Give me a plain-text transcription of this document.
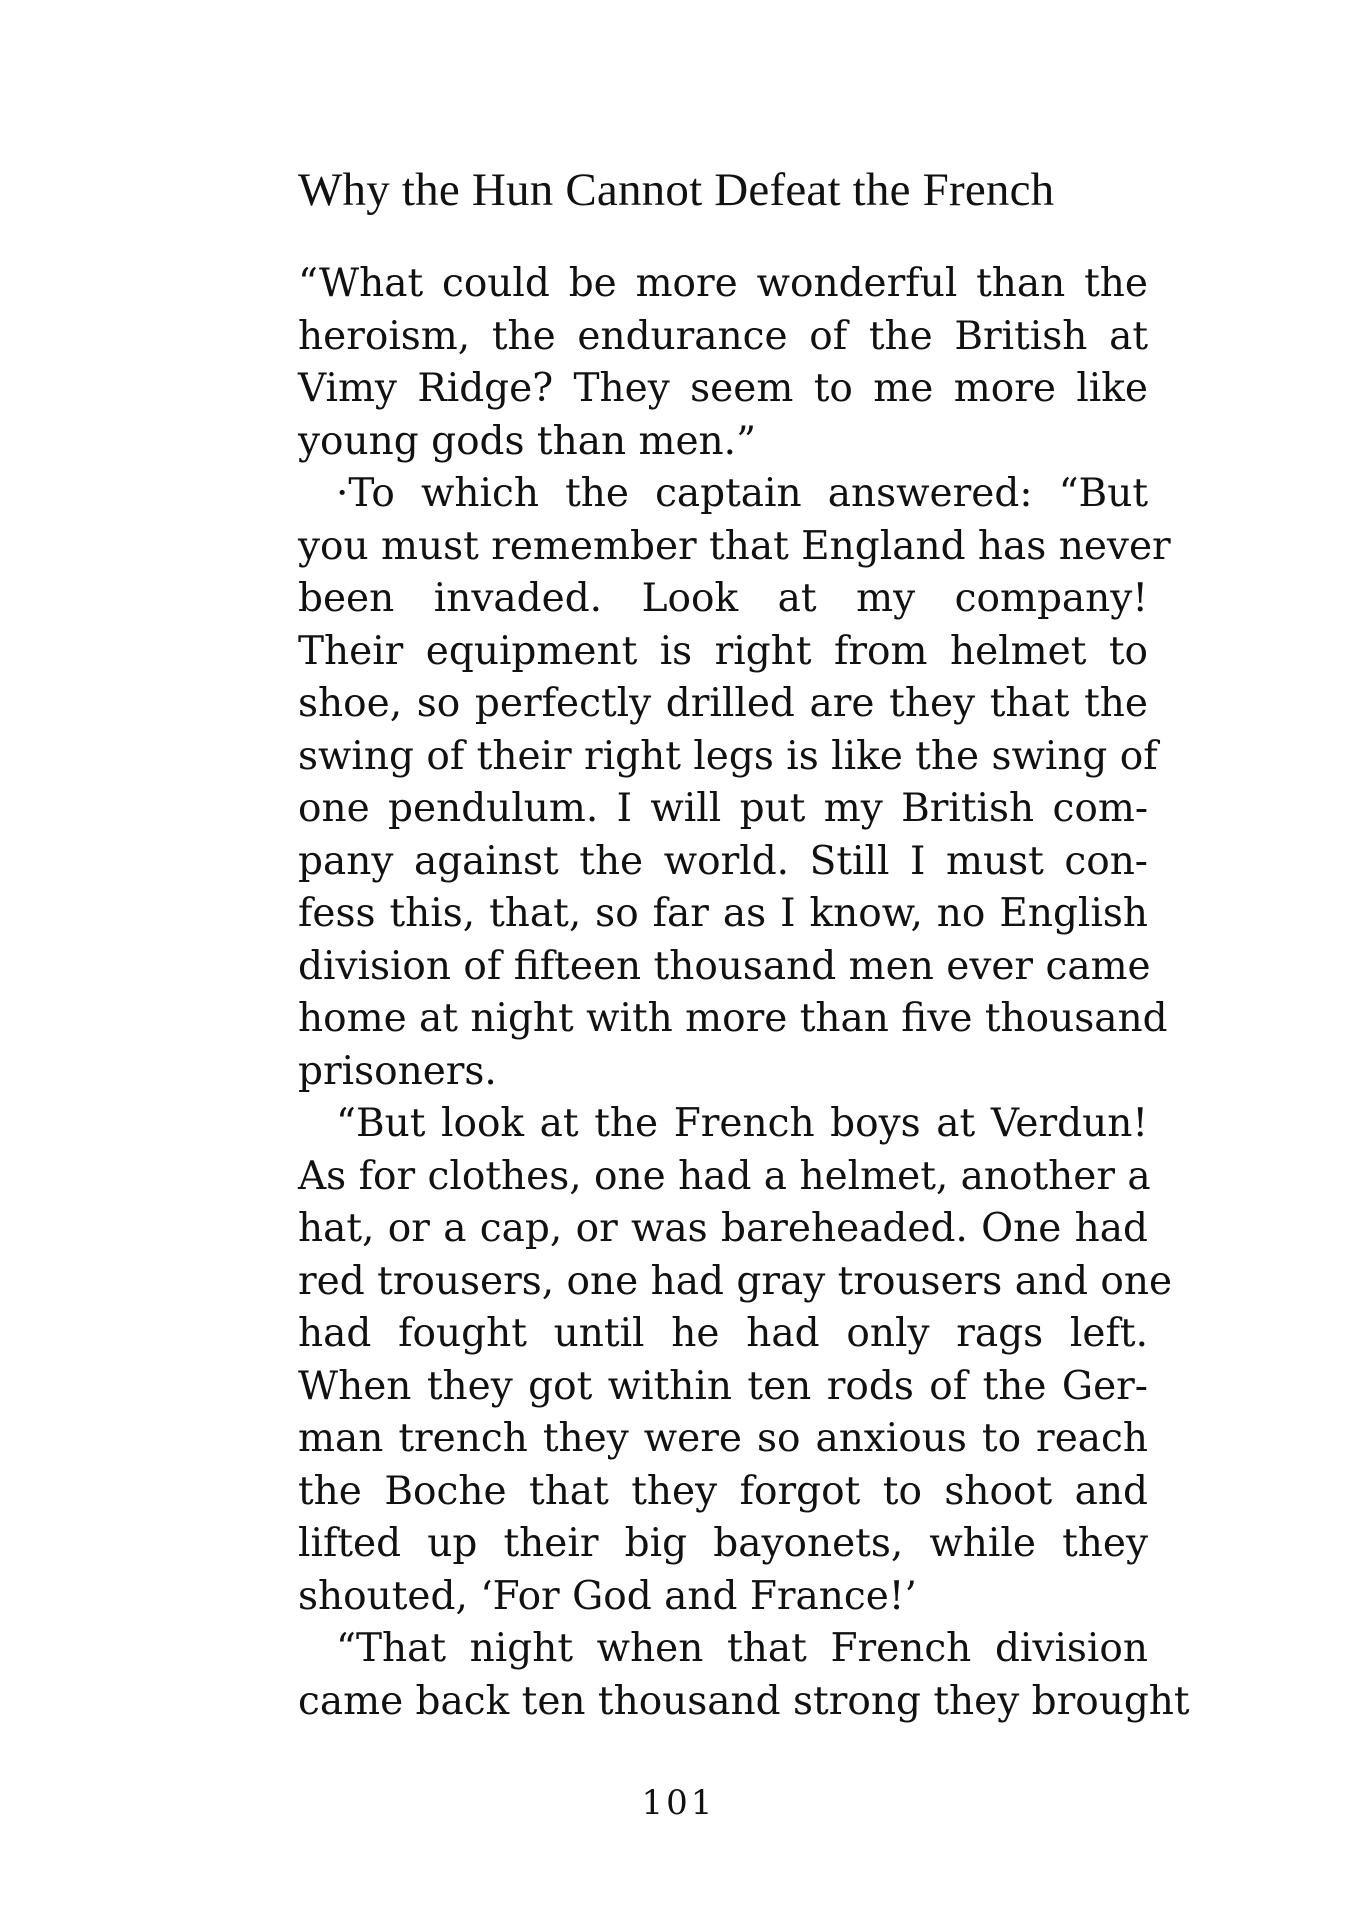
Why the Hun Cannot Defeat the French
“What could be more wonderful than the
heroism, the endurance of the British at
Vimy Ridge? They seem to me more like
young gods than men.”
·To which the captain answered: “But
you must remember that England has never
been invaded. Look at my company!
Their equipment is right from helmet to
shoe, so perfectly drilled are they that the
swing of their right legs is like the swing of
one pendulum. I will put my British com-
pany against the world. Still I must con-
fess this, that, so far as I know, no English
division of fifteen thousand men ever came
home at night with more than five thousand
prisoners.
“But look at the French boys at Verdun!
As for clothes, one had a helmet, another a
hat, or a cap, or was bareheaded. One had
red trousers, one had gray trousers and one
had fought until he had only rags left.
When they got within ten rods of the Ger-
man trench they were so anxious to reach
the Boche that they forgot to shoot and
lifted up their big bayonets, while they
shouted, ‘For God and France!’
“That night when that French division
came back ten thousand strong they brought
101
